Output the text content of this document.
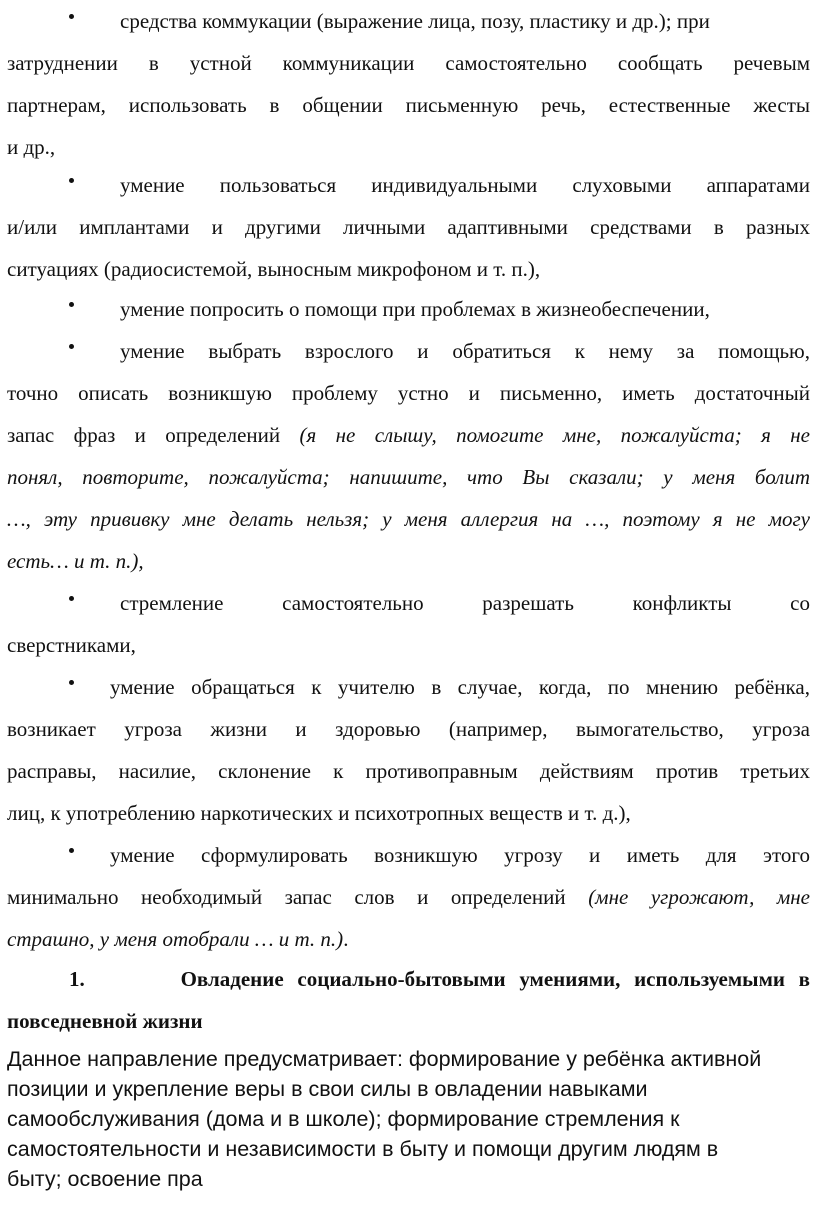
средства коммукации (выражение лица, позу, пластику и др.); при
затруднении в устной коммуникации самостоятельно сообщать речевым
партнерам, использовать в общении письменную речь, естественные жесты
и др.,
умение пользоваться индивидуальными слуховыми аппаратами
и/или имплантами и другими личными адаптивными средствами в разных
ситуациях (радиосистемой, выносным микрофоном и т. п.),
умение попросить о помощи при проблемах в жизнеобеспечении,
умение выбрать взрослого и обратиться к нему за помощью,
точно описать возникшую проблему устно и письменно, иметь достаточный
запас фраз и определений (я не слышу, помогите мне, пожалуйста; я не
понял, повторите, пожалуйста; напишите, что Вы сказали; у меня болит
…, эту прививку мне делать нельзя; у меня аллергия на …, поэтому я не могу
есть… и т. п.),
стремление самостоятельно разрешать конфликты со
сверстниками,
умение обращаться к учителю в случае, когда, по мнению ребёнка,
возникает угроза жизни и здоровью (например, вымогательство, угроза
расправы, насилие, склонение к противоправным действиям против третьих
лиц, к употреблению наркотических и психотропных веществ и т. д.),
умение сформулировать возникшую угрозу и иметь для этого
минимально необходимый запас слов и определений (мне угрожают, мне
страшно, у меня отобрали … и т. п.).
1.	Овладение социально-бытовыми умениями, используемыми в
повседневной жизни
Данное направление предусматривает: формирование у ребёнка активной
позиции и укрепление веры в свои силы в овладении навыками
самообслуживания (дома и в школе); формирование стремления к
самостоятельности и независимости в быту и помощи другим людям в
быту; освоение пра
